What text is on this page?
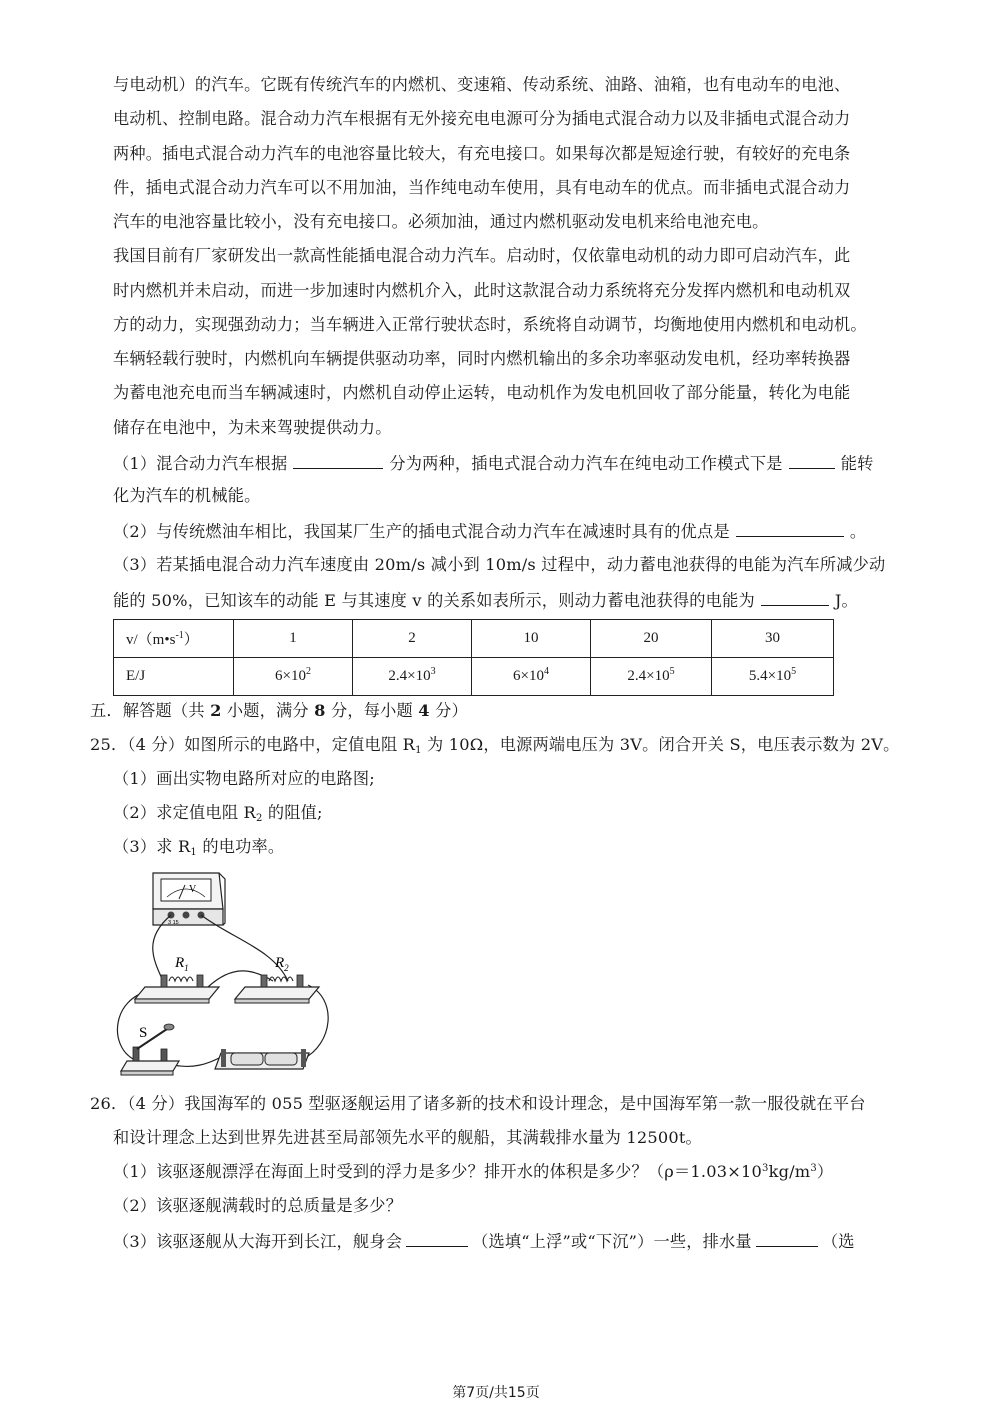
与电动机）的汽车。它既有传统汽车的内燃机、变速箱、传动系统、油路、油箱，也有电动车的电池、
电动机、控制电路。混合动力汽车根据有无外接充电电源可分为插电式混合动力以及非插电式混合动力
两种。插电式混合动力汽车的电池容量比较大，有充电接口。如果每次都是短途行驶，有较好的充电条
件，插电式混合动力汽车可以不用加油，当作纯电动车使用，具有电动车的优点。而非插电式混合动力
汽车的电池容量比较小，没有充电接口。必须加油，通过内燃机驱动发电机来给电池充电。
我国目前有厂家研发出一款高性能插电混合动力汽车。启动时，仅依靠电动机的动力即可启动汽车，此
时内燃机并未启动，而进一步加速时内燃机介入，此时这款混合动力系统将充分发挥内燃机和电动机双
方的动力，实现强劲动力；当车辆进入正常行驶状态时，系统将自动调节，均衡地使用内燃机和电动机。
车辆轻载行驶时，内燃机向车辆提供驱动功率，同时内燃机输出的多余功率驱动发电机，经功率转换器
为蓄电池充电而当车辆减速时，内燃机自动停止运转，电动机作为发电机回收了部分能量，转化为电能
储存在电池中，为未来驾驶提供动力。
（1）混合动力汽车根据	分为两种，插电式混合动力汽车在纯电动工作模式下是	能转
化为汽车的机械能。
（2）与传统燃油车相比，我国某厂生产的插电式混合动力汽车在减速时具有的优点是	。
（3）若某插电混合动力汽车速度由 20m/s 减小到 10m/s 过程中，动力蓄电池获得的电能为汽车所减少动
能的 50%，已知该车的动能 E 与其速度 v 的关系如表所示，则动力蓄电池获得的电能为	J。
$v/(m•s^{-1})$	1	2	10	20	30
E/J	$6\times 10^2$	$2.4\times 10^3$	$6\times 10^4$	$2.4\times 10^5$	$5.4\times 10^5$
五．解答题（共 2 小题，满分 8 分，每小题 4 分）
25．（4 分）如图所示的电路中，定值电阻 $R_1$ 为 10Ω，电源两端电压为 3V。闭合开关 S，电压表示数为 2V。
（1）画出实物电路所对应的电路图;
（2）求定值电阻 $R_2$ 的阻值;
（3）求 $R_1$ 的电功率。
V
3 15
$R_1$	$R_2$
S
26．（4 分）我国海军的 055 型驱逐舰运用了诸多新的技术和设计理念，是中国海军第一款一服役就在平台
和设计理念上达到世界先进甚至局部领先水平的舰船，其满载排水量为 12500t。
（1）该驱逐舰漂浮在海面上时受到的浮力是多少？排开水的体积是多少？$(\rho=1.03\times 10^3kg/m^3)$
（2）该驱逐舰满载时的总质量是多少？
（3）该驱逐舰从大海开到长江，舰身会	（选填“上浮”或“下沉”）一些，排水量	（选
第7页/共15页
